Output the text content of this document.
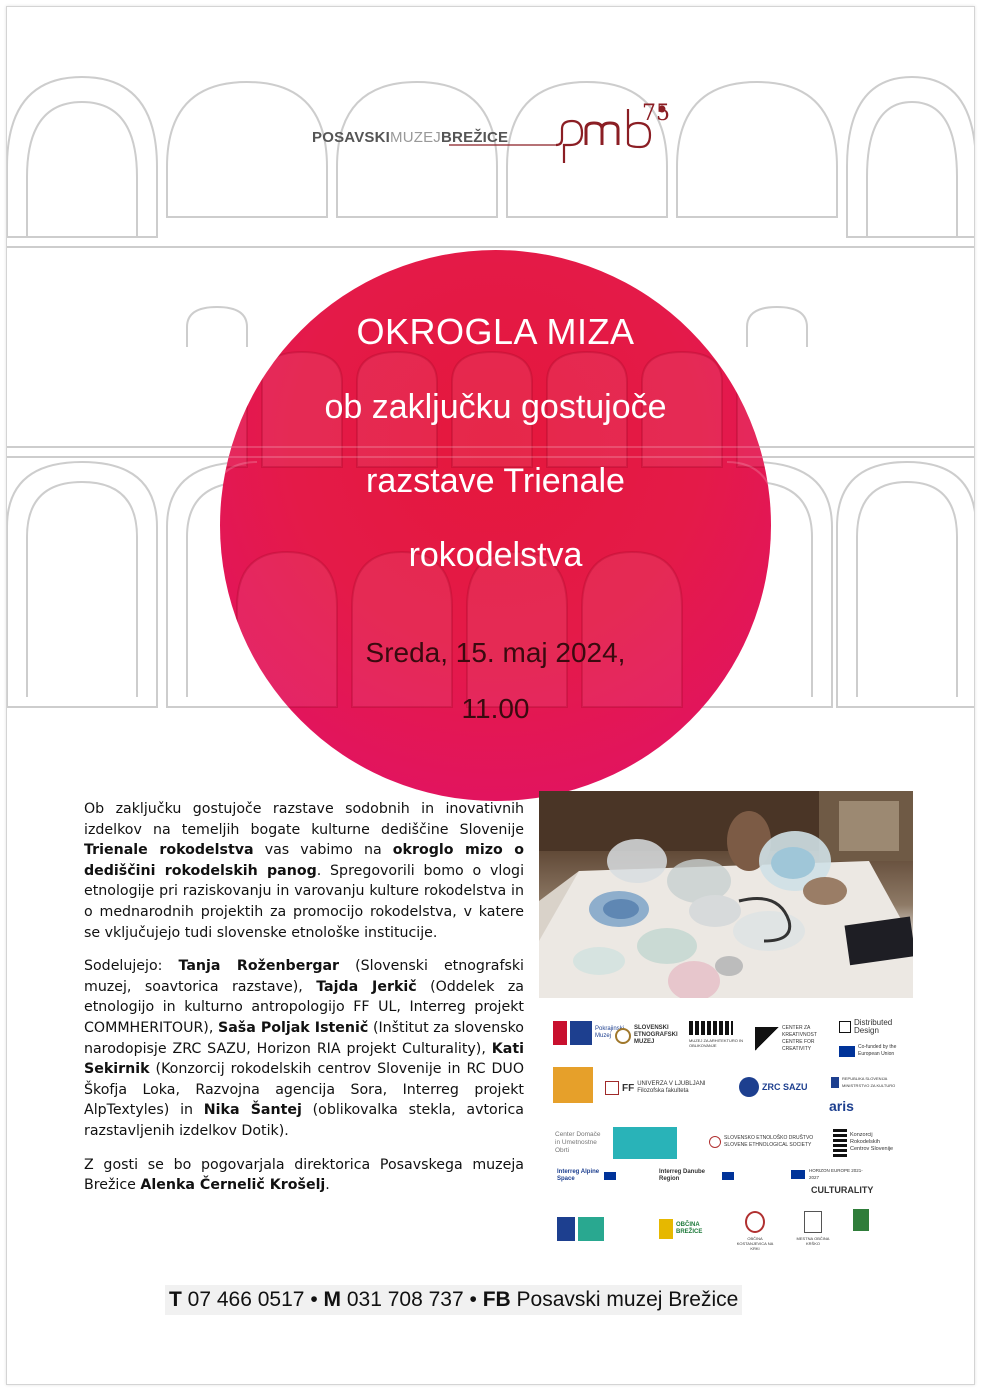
POSAVSKIMUZEJBREŽICE
75
OKROGLA MIZA
ob zaključku gostujoče
razstave Trienale
rokodelstva
Sreda, 15. maj 2024,
11.00

Ob zaključku gostujoče razstave sodobnih in inovativnih izdelkov na temeljih bogate kulturne dediščine Slovenije Trienale rokodelstva vas vabimo na okroglo mizo o dediščini rokodelskih panog. Spregovorili bomo o vlogi etnologije pri raziskovanju in varovanju kulture rokodelstva in o mednarodnih projektih za promocijo rokodelstva, v katere se vključujejo tudi slovenske etnološke institucije.

Sodelujejo: Tanja Roženbergar (Slovenski etnografski muzej, soavtorica razstave), Tajda Jerkič (Oddelek za etnologijo in kulturno antropologijo FF UL, Interreg projekt COMMHERITOUR), Saša Poljak Istenič (Inštitut za slovensko narodopisje ZRC SAZU, Horizon RIA projekt Culturality), Kati Sekirnik (Konzorcij rokodelskih centrov Slovenije in RC DUO Škofja Loka, Razvojna agencija Sora, Interreg projekt AlpTextyles) in Nika Šantej (oblikovalka stekla, avtorica razstavljenih izdelkov Dotik).

Z gosti se bo pogovarjala direktorica Posavskega muzeja Brežice Alenka Černelič Krošelj.

Pokrajinski Muzej
SLOVENSKI ETNOGRAFSKI MUZEJ	MUZEJ ZA ARHITEKTURO IN OBLIKOVANJE
CENTER ZA KREATIVNOST CENTRE FOR CREATIVITY
Distributed Design
Co-funded by the European Union
FF UNIVERZA V LJUBLJANI Filozofska fakulteta	ZRC SAZU
REPUBLIKA SLOVENIJA MINISTRSTVO ZA KULTURO
aris
Center Domače in Umetnostne Obrti
SLOVENSKO ETNOLOŠKO DRUŠTVO SLOVENE ETHNOLOGICAL SOCIETY
Konzorcij Rokodelskih Centrov Slovenije
Interreg Alpine Space
Interreg Danube Region
HORIZON EUROPE 2021-2027
CULTURALITY
OBČINA BREŽICE
OBČINA KOSTANJEVICA NA KRKI
MESTNA OBČINA KRŠKO
T 07 466 0517 • M 031 708 737 • FB Posavski muzej Brežice
